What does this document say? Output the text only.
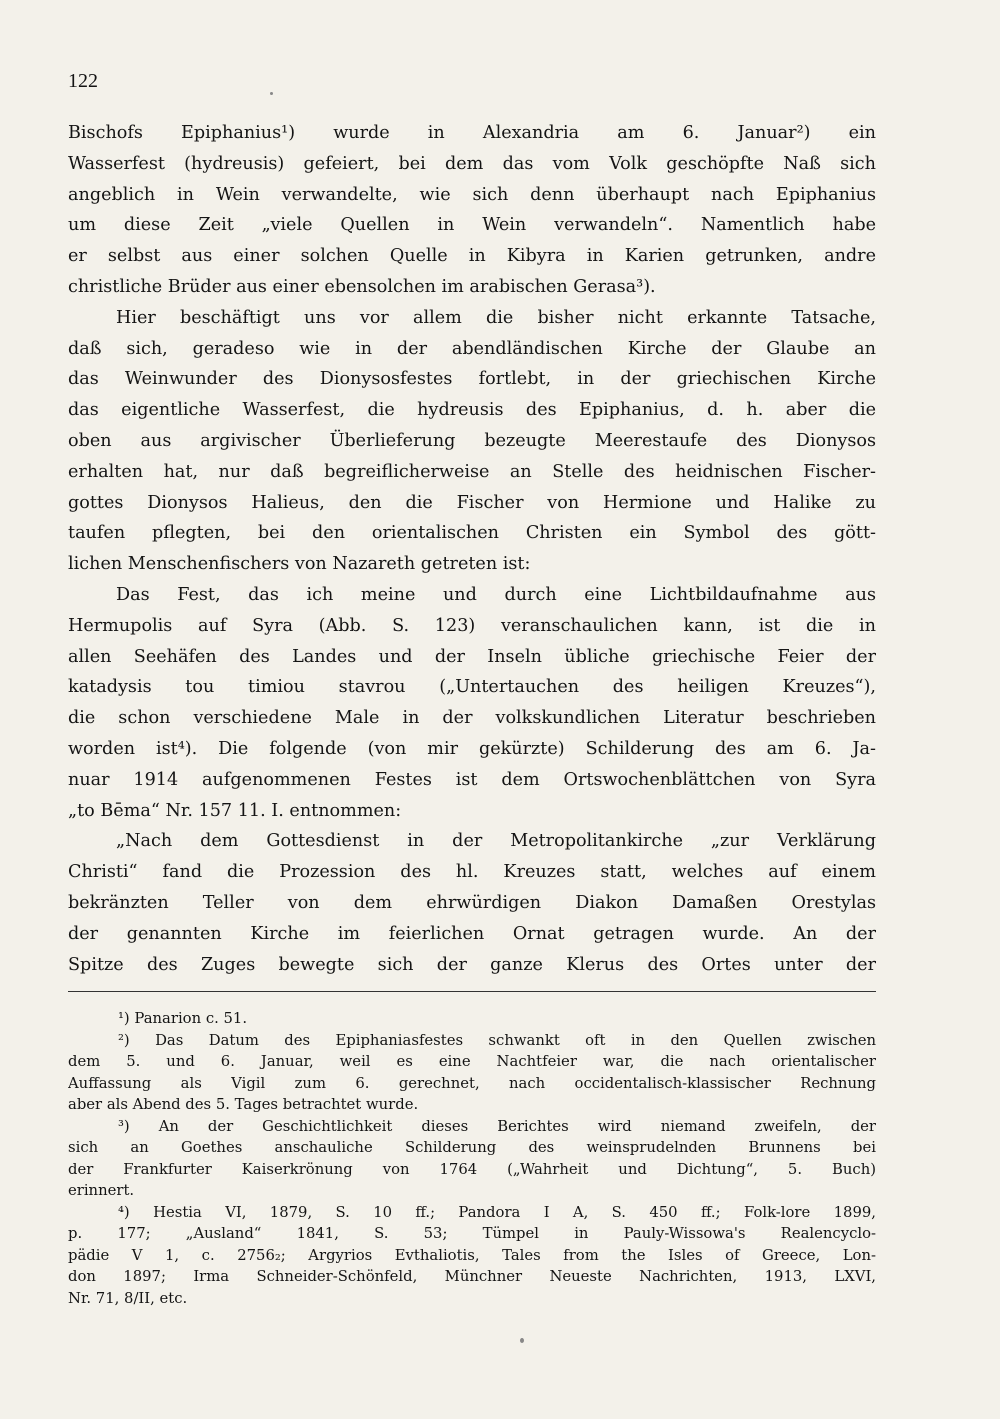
122
Bischofs Epiphanius¹) wurde in Alexandria am 6. Januar²) ein
Wasserfest (hydreusis) gefeiert, bei dem das vom Volk geschöpfte Naß sich
angeblich in Wein verwandelte, wie sich denn überhaupt nach Epiphanius
um diese Zeit „viele Quellen in Wein verwandeln“. Namentlich habe
er selbst aus einer solchen Quelle in Kibyra in Karien getrunken, andre
christliche Brüder aus einer ebensolchen im arabischen Gerasa³).
Hier beschäftigt uns vor allem die bisher nicht erkannte Tatsache,
daß sich, geradeso wie in der abendländischen Kirche der Glaube an
das Weinwunder des Dionysosfestes fortlebt, in der griechischen Kirche
das eigentliche Wasserfest, die hydreusis des Epiphanius, d. h. aber die
oben aus argivischer Überlieferung bezeugte Meerestaufe des Dionysos
erhalten hat, nur daß begreiflicherweise an Stelle des heidnischen Fischer-
gottes Dionysos Halieus, den die Fischer von Hermione und Halike zu
taufen pflegten, bei den orientalischen Christen ein Symbol des gött-
lichen Menschenfischers von Nazareth getreten ist:
Das Fest, das ich meine und durch eine Lichtbildaufnahme aus
Hermupolis auf Syra (Abb. S. 123) veranschaulichen kann, ist die in
allen Seehäfen des Landes und der Inseln übliche griechische Feier der
katadysis tou timiou stavrou („Untertauchen des heiligen Kreuzes“),
die schon verschiedene Male in der volkskundlichen Literatur beschrieben
worden ist⁴). Die folgende (von mir gekürzte) Schilderung des am 6. Ja-
nuar 1914 aufgenommenen Festes ist dem Ortswochenblättchen von Syra
„to Bēma“ Nr. 157 11. I. entnommen:
„Nach dem Gottesdienst in der Metropolitankirche „zur Verklärung
Christi“ fand die Prozession des hl. Kreuzes statt, welches auf einem
bekränzten Teller von dem ehrwürdigen Diakon Damaßen Orestylas
der genannten Kirche im feierlichen Ornat getragen wurde. An der
Spitze des Zuges bewegte sich der ganze Klerus des Ortes unter der
¹) Panarion c. 51.
²) Das Datum des Epiphaniasfestes schwankt oft in den Quellen zwischen
dem 5. und 6. Januar, weil es eine Nachtfeier war, die nach orientalischer
Auffassung als Vigil zum 6. gerechnet, nach occidentalisch-klassischer Rechnung
aber als Abend des 5. Tages betrachtet wurde.
³) An der Geschichtlichkeit dieses Berichtes wird niemand zweifeln, der
sich an Goethes anschauliche Schilderung des weinsprudelnden Brunnens bei
der Frankfurter Kaiserkrönung von 1764 („Wahrheit und Dichtung“, 5. Buch)
erinnert.
⁴) Hestia VI, 1879, S. 10 ff.; Pandora I A, S. 450 ff.; Folk-lore 1899,
p. 177; „Ausland“ 1841, S. 53; Tümpel in Pauly-Wissowa's Realencyclo-
pädie V 1, c. 2756₂; Argyrios Evthaliotis, Tales from the Isles of Greece, Lon-
don 1897; Irma Schneider-Schönfeld, Münchner Neueste Nachrichten, 1913, LXVI,
Nr. 71, 8/II, etc.
